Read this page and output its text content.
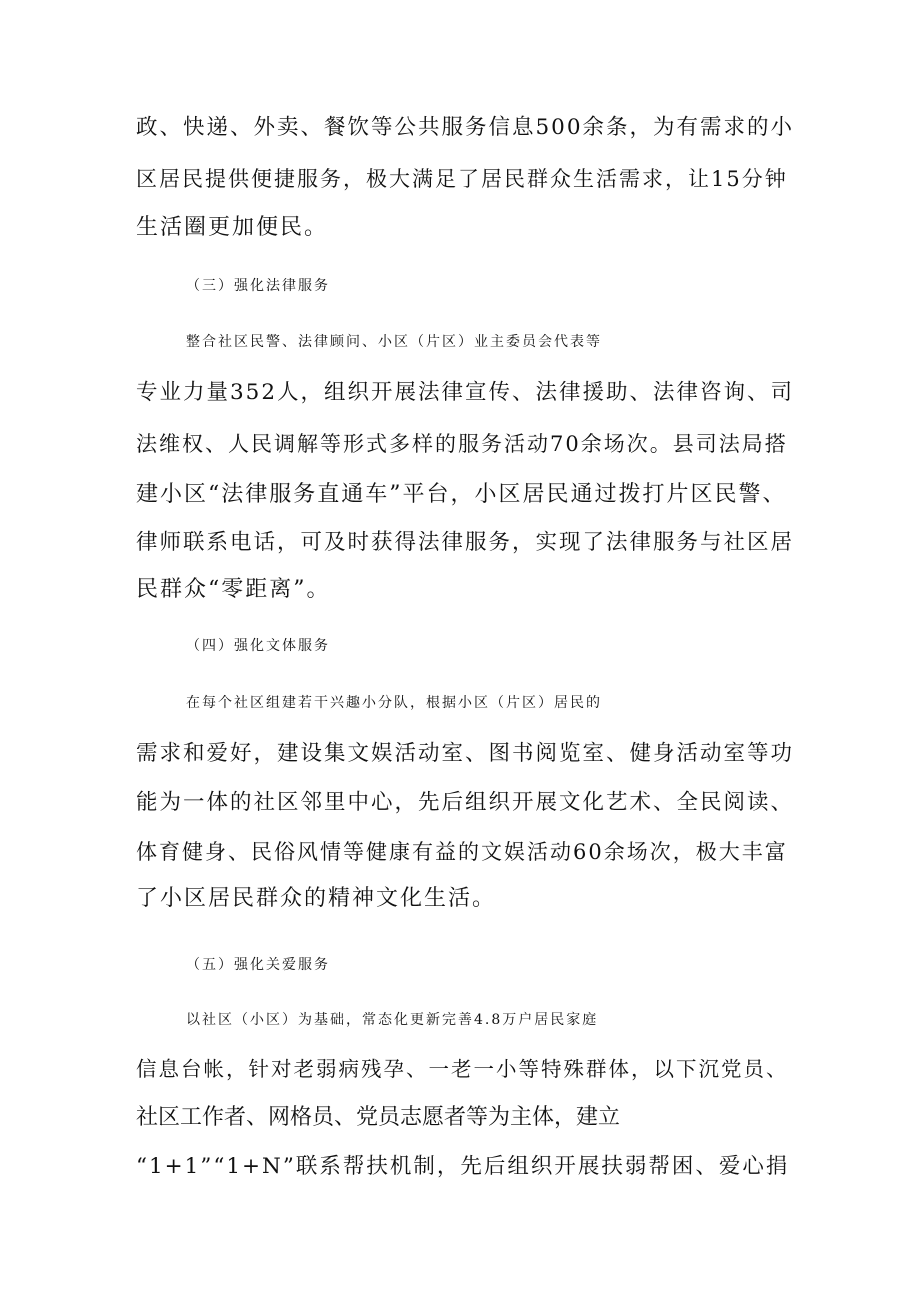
政、快递、外卖、餐饮等公共服务信息500余条，为有需求的小

区居民提供便捷服务，极大满足了居民群众生活需求，让15分钟

生活圈更加便民。

（三）强化法律服务

整合社区民警、法律顾问、小区（片区）业主委员会代表等

专业力量352人，组织开展法律宣传、法律援助、法律咨询、司

法维权、人民调解等形式多样的服务活动70余场次。县司法局搭

建小区“法律服务直通车”平台，小区居民通过拨打片区民警、

律师联系电话，可及时获得法律服务，实现了法律服务与社区居

民群众“零距离”。

（四）强化文体服务

在每个社区组建若干兴趣小分队，根据小区（片区）居民的

需求和爱好，建设集文娱活动室、图书阅览室、健身活动室等功

能为一体的社区邻里中心，先后组织开展文化艺术、全民阅读、

体育健身、民俗风情等健康有益的文娱活动60余场次，极大丰富

了小区居民群众的精神文化生活。

（五）强化关爱服务

以社区（小区）为基础，常态化更新完善4.8万户居民家庭

信息台帐，针对老弱病残孕、一老一小等特殊群体，以下沉党员、

社区工作者、网格员、党员志愿者等为主体，建立

“1+1”“1+N”联系帮扶机制，先后组织开展扶弱帮困、爱心捐
